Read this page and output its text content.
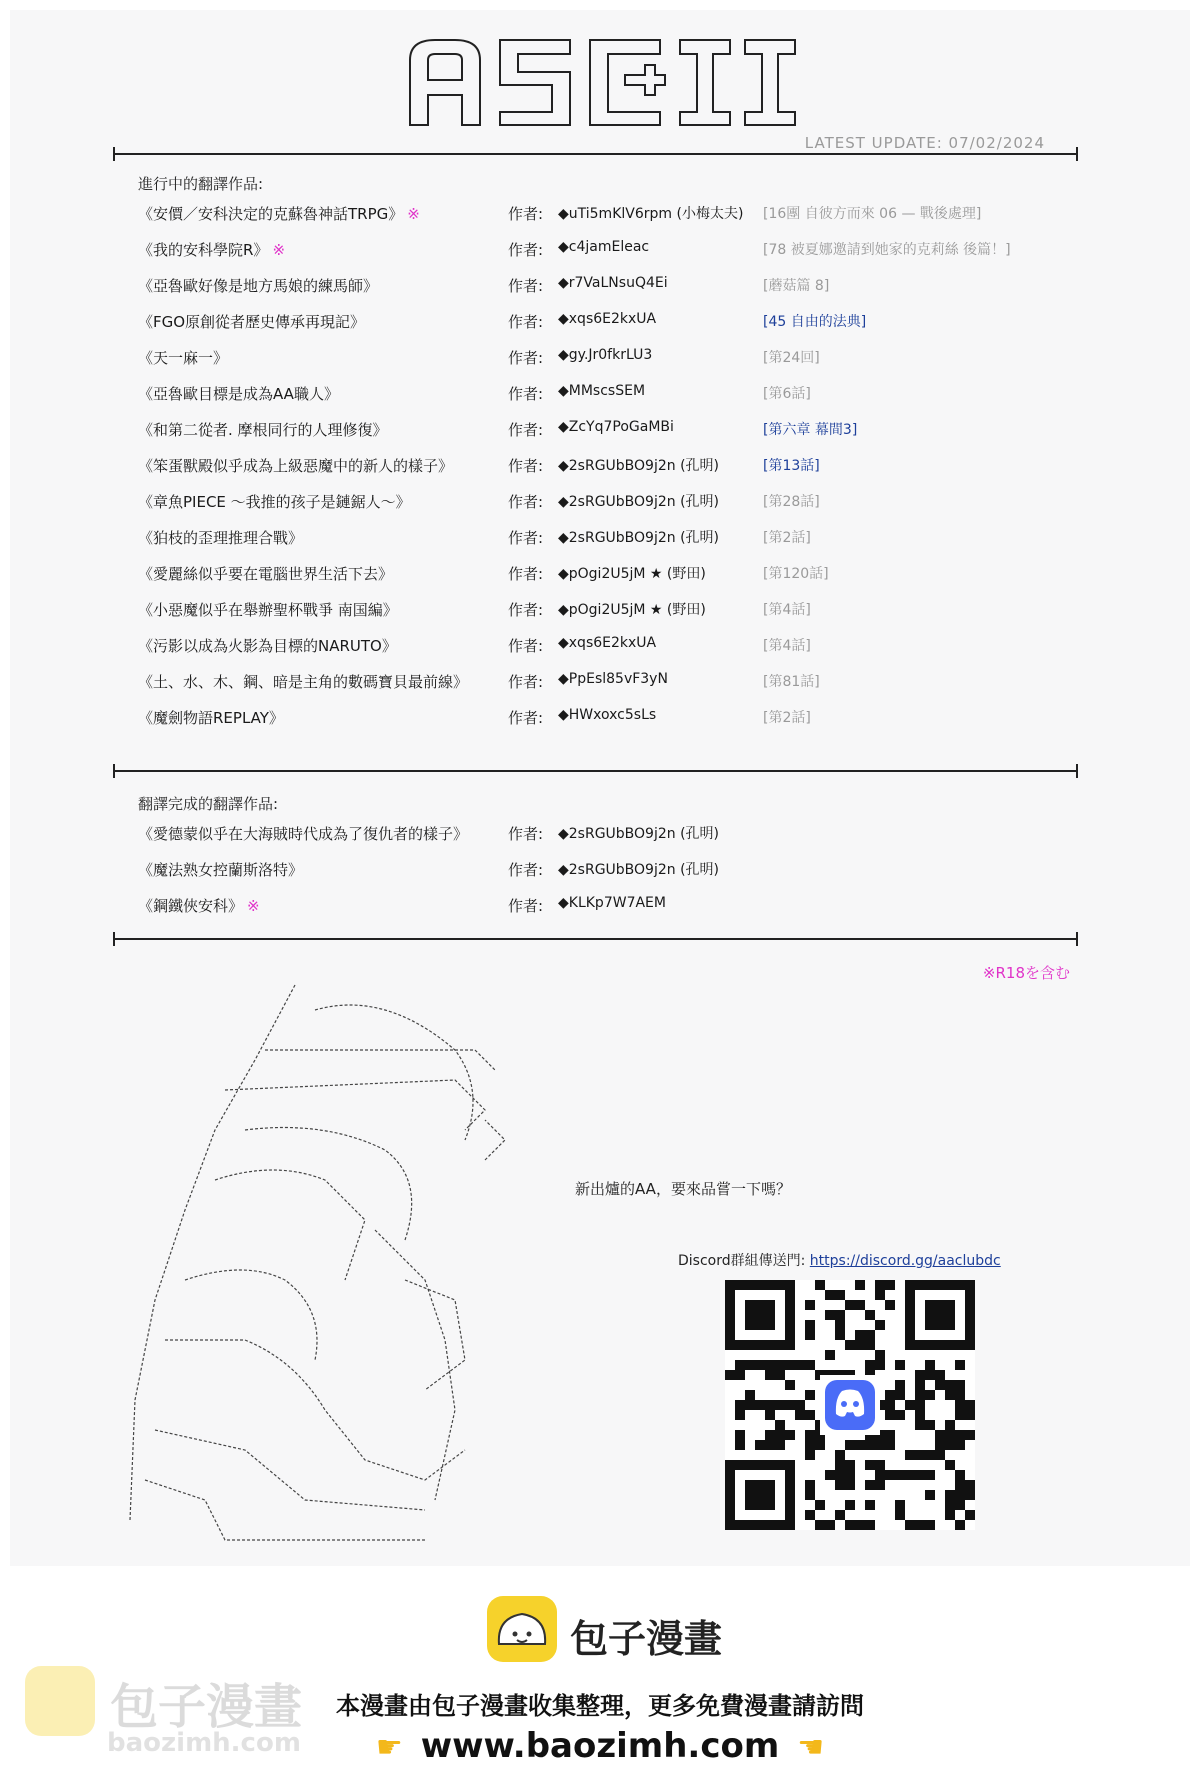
LATEST UPDATE: 07/02/2024
進行中的翻譯作品:
《安價／安科決定的克蘇魯神話TRPG》 ※	作者: ◆uTi5mKlV6rpm (小梅太夫) [16團 自彼方而來 06 — 戰後處理]
《我的安科學院R》 ※	作者: ◆c4jamEleac	[78 被夏娜邀請到她家的克莉絲 後篇！]
《亞魯歐好像是地方馬娘的練馬師》	作者: ◆r7VaLNsuQ4Ei	[蘑菇篇 8]
《FGO原創從者歷史傳承再現記》	作者: ◆xqs6E2kxUA	[45 自由的法典]
《天一麻一》	作者: ◆gy.Jr0fkrLU3	[第24回]
《亞魯歐目標是成為AA職人》	作者: ◆MMscsSEM	[第6話]
《和第二從者. 摩根同行的人理修復》	作者: ◆ZcYq7PoGaMBi	[第六章 幕間3]
《笨蛋獸殿似乎成為上級惡魔中的新人的樣子》	作者: ◆2sRGUbBO9j2n (孔明)	[第13話]
《章魚PIECE 〜我推的孩子是鏈鋸人〜》	作者: ◆2sRGUbBO9j2n (孔明)	[第28話]
《狛枝的歪理推理合戰》	作者: ◆2sRGUbBO9j2n (孔明)	[第2話]
《愛麗絲似乎要在電腦世界生活下去》	作者: ◆pOgi2U5jM ★ (野田)	[第120話]
《小惡魔似乎在舉辦聖杯戰爭 南国編》	作者: ◆pOgi2U5jM ★ (野田)	[第4話]
《污影以成為火影為目標的NARUTO》	作者: ◆xqs6E2kxUA	[第4話]
《土、水、木、鋼、暗是主角的數碼寶貝最前線》	作者: ◆PpEsl85vF3yN	[第81話]
《魔劍物語REPLAY》	作者: ◆HWxoxc5sLs	[第2話]
翻譯完成的翻譯作品:
《愛德蒙似乎在大海賊時代成為了復仇者的樣子》	作者: ◆2sRGUbBO9j2n (孔明)
《魔法熟女控蘭斯洛特》	作者: ◆2sRGUbBO9j2n (孔明)
《鋼鐵俠安科》 ※	作者: ◆KLKp7W7AEM
※R18を含む
新出爐的AA，要來品嘗一下嗎？
Discord群組傳送門: https://discord.gg/aaclubdc
包子漫畫
本漫畫由包子漫畫收集整理，更多免費漫畫請訪問
☛ www.baozimh.com ☚
包子漫畫
baozimh.com
